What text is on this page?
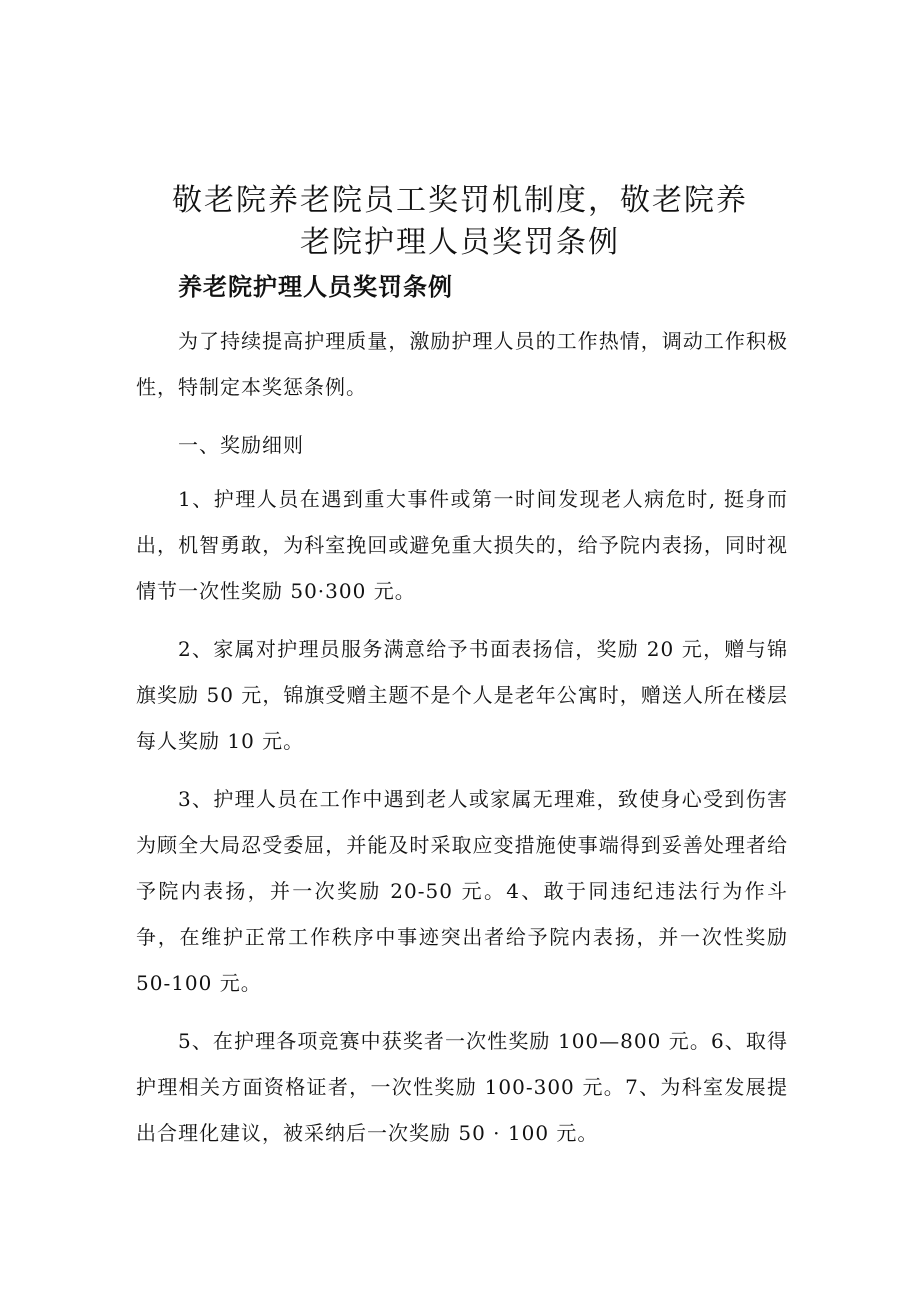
敬老院养老院员工奖罚机制度，敬老院养
老院护理人员奖罚条例
养老院护理人员奖罚条例

为了持续提高护理质量，激励护理人员的工作热情，调动工作积极性，特制定本奖惩条例。

一、奖励细则

1、护理人员在遇到重大事件或第一时间发现老人病危时, 挺身而出，机智勇敢，为科室挽回或避免重大损失的，给予院内表扬，同时视情节一次性奖励 50·300 元。

2、家属对护理员服务满意给予书面表扬信，奖励 20 元，赠与锦旗奖励 50 元，锦旗受赠主题不是个人是老年公寓时，赠送人所在楼层每人奖励 10 元。

3、护理人员在工作中遇到老人或家属无理难，致使身心受到伤害为顾全大局忍受委屈，并能及时采取应变措施使事端得到妥善处理者给予院内表扬，并一次奖励 20-50 元。4、敢于同违纪违法行为作斗争，在维护正常工作秩序中事迹突出者给予院内表扬，并一次性奖励 50-100 元。

5、在护理各项竞赛中获奖者一次性奖励 100—800 元。6、取得护理相关方面资格证者，一次性奖励 100-300 元。7、为科室发展提出合理化建议，被采纳后一次奖励 50 · 100 元。
